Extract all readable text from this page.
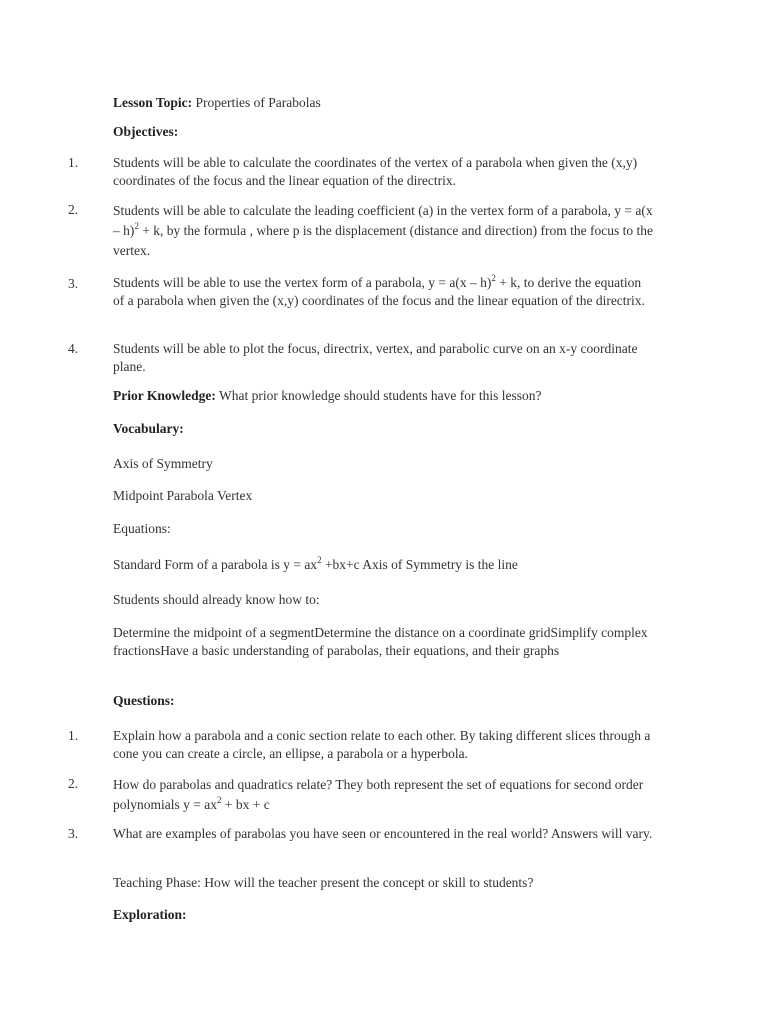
Lesson Topic: Properties of Parabolas
Objectives:
1.	Students will be able to calculate the coordinates of the vertex of a parabola when given the (x,y) coordinates of the focus and the linear equation of the directrix.
2.	Students will be able to calculate the leading coefficient (a) in the vertex form of a parabola, y = a(x – h)$^2$ + k, by the formula , where p is the displacement (distance and direction) from the focus to the vertex.
3.	Students will be able to use the vertex form of a parabola, y = a(x – h)$^2$ + k, to derive the equation of a parabola when given the (x,y) coordinates of the focus and the linear equation of the directrix.
4.	Students will be able to plot the focus, directrix, vertex, and parabolic curve on an x-y coordinate plane.
Prior Knowledge: What prior knowledge should students have for this lesson?
Vocabulary:
Axis of Symmetry
Midpoint Parabola Vertex
Equations:
Standard Form of a parabola is $y = ax^2 +bx+c$ Axis of Symmetry is the line
Students should already know how to:
Determine the midpoint of a segmentDetermine the distance on a coordinate gridSimplify complex fractionsHave a basic understanding of parabolas, their equations, and their graphs
Questions:
1.	Explain how a parabola and a conic section relate to each other. By taking different slices through a cone you can create a circle, an ellipse, a parabola or a hyperbola.
2.	How do parabolas and quadratics relate? They both represent the set of equations for second order polynomials $y = ax^2$ + bx + c
3.	What are examples of parabolas you have seen or encountered in the real world? Answers will vary.
Teaching Phase: How will the teacher present the concept or skill to students?
Exploration:
